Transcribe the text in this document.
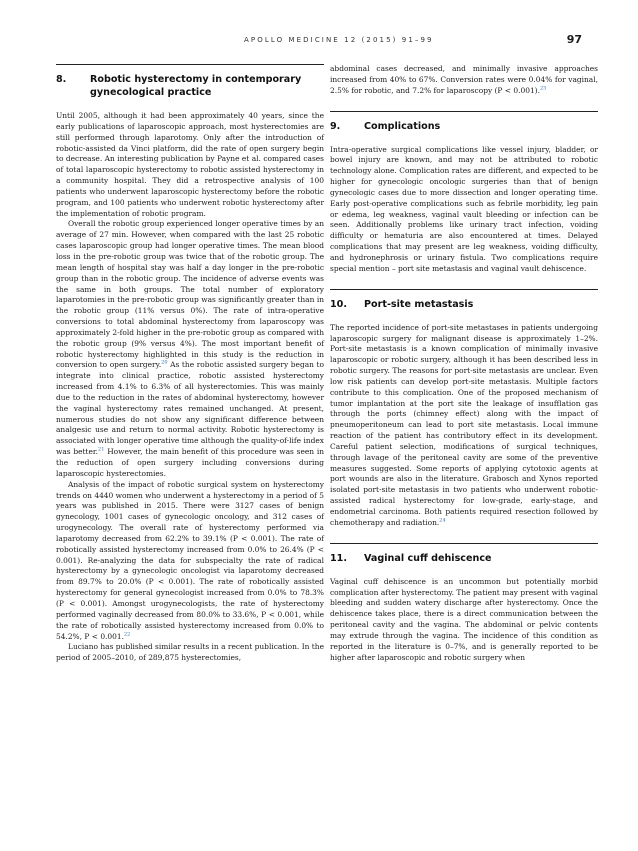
APOLLO MEDICINE 12 (2015) 91–99	97
8.	Robotic hysterectomy in contemporary gynecological practice

Until 2005, although it had been approximately 40 years, since the early publications of laparoscopic approach, most hysterectomies are still performed through laparotomy. Only after the introduction of robotic-assisted da Vinci platform, did the rate of open surgery begin to decrease. An interesting publication by Payne et al. compared cases of total laparoscopic hysterectomy to robotic assisted hysterectomy in a community hospital. They did a retrospective analysis of 100 patients who underwent laparoscopic hysterectomy before the robotic program, and 100 patients who underwent robotic hysterectomy after the implementation of robotic program.

Overall the robotic group experienced longer operative times by an average of 27 min. However, when compared with the last 25 robotic cases laparoscopic group had longer operative times. The mean blood loss in the pre-robotic group was twice that of the robotic group. The mean length of hospital stay was half a day longer in the pre-robotic group than in the robotic group. The incidence of adverse events was the same in both groups. The total number of exploratory laparotomies in the pre-robotic group was significantly greater than in the robotic group (11% versus 0%). The rate of intra-operative conversions to total abdominal hysterectomy from laparoscopy was approximately 2-fold higher in the pre-robotic group as compared with the robotic group (9% versus 4%). The most important benefit of robotic hysterectomy highlighted in this study is the reduction in conversion to open surgery.$^{20}$ As the robotic assisted surgery began to integrate into clinical practice, robotic assisted hysterectomy increased from 4.1% to 6.3% of all hysterectomies. This was mainly due to the reduction in the rates of abdominal hysterectomy, however the vaginal hysterectomy rates remained unchanged. At present, numerous studies do not show any significant difference between analgesic use and return to normal activity. Robotic hysterectomy is associated with longer operative time although the quality-of-life index was better.$^{21}$ However, the main benefit of this procedure was seen in the reduction of open surgery including conversions during laparoscopic hysterectomies.

Analysis of the impact of robotic surgical system on hysterectomy trends on 4440 women who underwent a hysterectomy in a period of 5 years was published in 2015. There were 3127 cases of benign gynecology, 1001 cases of gynecologic oncology, and 312 cases of urogynecology. The overall rate of hysterectomy performed via laparotomy decreased from 62.2% to 39.1% (P < 0.001). The rate of robotically assisted hysterectomy increased from 0.0% to 26.4% (P < 0.001). Re-analyzing the data for subspecialty the rate of radical hysterectomy by a gynecologic oncologist via laparotomy decreased from 89.7% to 20.0% (P < 0.001). The rate of robotically assisted hysterectomy for general gynecologist increased from 0.0% to 78.3% (P < 0.001). Amongst urogynecologists, the rate of hysterectomy performed vaginally decreased from 80.0% to 33.6%, P < 0.001, while the rate of robotically assisted hysterectomy increased from 0.0% to 54.2%, P < 0.001.22

Luciano has published similar results in a recent publication. In the period of 2005–2010, of 289,875 hysterectomies,

abdominal cases decreased, and minimally invasive approaches increased from 40% to 67%. Conversion rates were 0.04% for vaginal, 2.5% for robotic, and 7.2% for laparoscopy (P < 0.001).$^{23}$

9.	Complications

Intra-operative surgical complications like vessel injury, bladder, or bowel injury are known, and may not be attributed to robotic technology alone. Complication rates are different, and expected to be higher for gynecologic oncologic surgeries than that of benign gynecologic cases due to more dissection and longer operating time. Early post-operative complications such as febrile morbidity, leg pain or edema, leg weakness, vaginal vault bleeding or infection can be seen. Additionally problems like urinary tract infection, voiding difficulty or hematuria are also encountered at times. Delayed complications that may present are leg weakness, voiding difficulty, and hydronephrosis or urinary fistula. Two complications require special mention – port site metastasis and vaginal vault dehiscence.

10.	Port-site metastasis

The reported incidence of port-site metastases in patients undergoing laparoscopic surgery for malignant disease is approximately 1–2%. Port-site metastasis is a known complication of minimally invasive laparoscopic or robotic surgery, although it has been described less in robotic surgery. The reasons for port-site metastasis are unclear. Even low risk patients can develop port-site metastasis. Multiple factors contribute to this complication. One of the proposed mechanism of tumor implantation at the port site the leakage of insufflation gas through the ports (chimney effect) along with the impact of pneumoperitoneum can lead to port site metastasis. Local immune reaction of the patient has contributory effect in its development. Careful patient selection, modifications of surgical techniques, through lavage of the peritoneal cavity are some of the preventive measures suggested. Some reports of applying cytotoxic agents at port wounds are also in the literature. Grabosch and Xynos reported isolated port-site metastasis in two patients who underwent robotic-assisted radical hysterectomy for low-grade, early-stage, and endometrial carcinoma. Both patients required resection followed by chemotherapy and radiation.$^{24}$

11.	Vaginal cuff dehiscence

Vaginal cuff dehiscence is an uncommon but potentially morbid complication after hysterectomy. The patient may present with vaginal bleeding and sudden watery discharge after hysterectomy. Once the dehiscence takes place, there is a direct communication between the peritoneal cavity and the vagina. The abdominal or pelvic contents may extrude through the vagina. The incidence of this condition as reported in the literature is 0–7%, and is generally reported to be higher after laparoscopic and robotic surgery when
